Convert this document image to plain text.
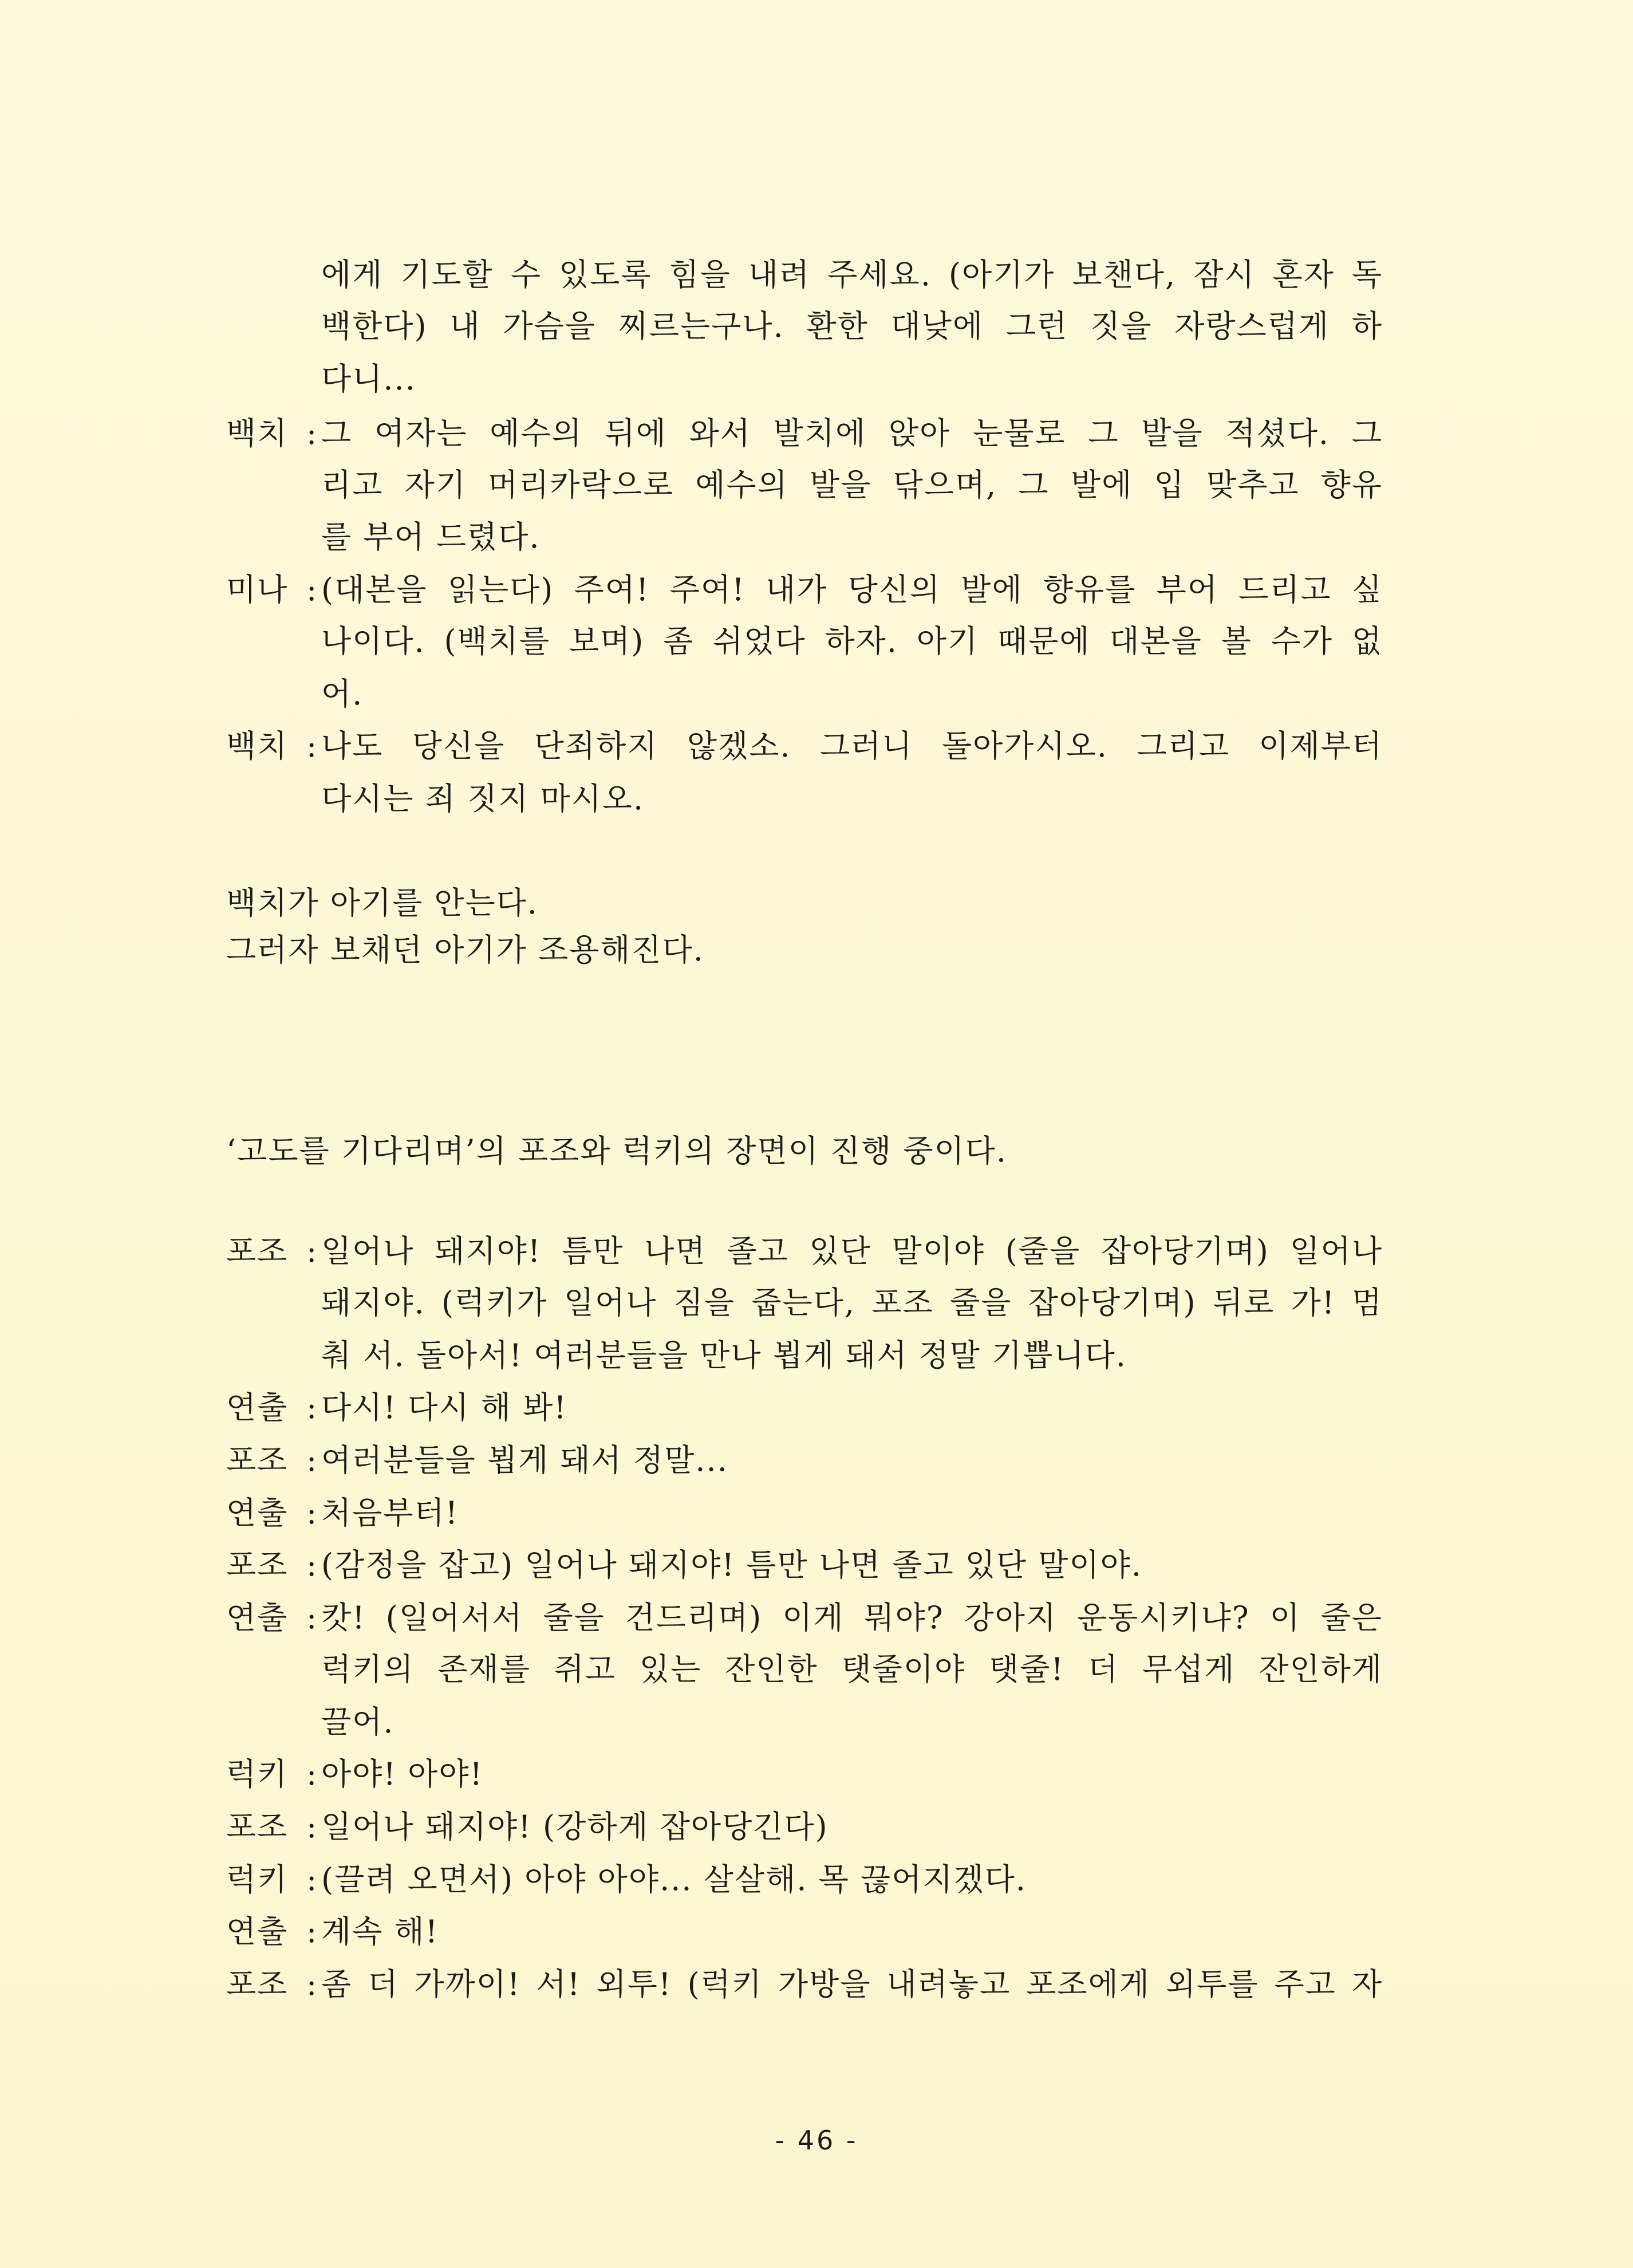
에게 기도할 수 있도록 힘을 내려 주세요. (아기가 보챈다, 잠시 혼자 독
백한다) 내 가슴을 찌르는구나. 환한 대낮에 그런 짓을 자랑스럽게 하
다니...
백치 : 그 여자는 예수의 뒤에 와서 발치에 앉아 눈물로 그 발을 적셨다. 그
리고 자기 머리카락으로 예수의 발을 닦으며, 그 발에 입 맞추고 향유
를 부어 드렸다.
미나 : (대본을 읽는다) 주여! 주여! 내가 당신의 발에 향유를 부어 드리고 싶
나이다. (백치를 보며) 좀 쉬었다 하자. 아기 때문에 대본을 볼 수가 없
어.
백치 : 나도 당신을 단죄하지 않겠소. 그러니 돌아가시오. 그리고 이제부터
다시는 죄 짓지 마시오.
백치가 아기를 안는다.
그러자 보채던 아기가 조용해진다.
‘고도를 기다리며’의 포조와 럭키의 장면이 진행 중이다.
포조 : 일어나 돼지야! 틈만 나면 졸고 있단 말이야 (줄을 잡아당기며) 일어나
돼지야. (럭키가 일어나 짐을 줍는다, 포조 줄을 잡아당기며) 뒤로 가! 멈
춰 서. 돌아서! 여러분들을 만나 뵙게 돼서 정말 기쁩니다.
연출 : 다시! 다시 해 봐!
포조 : 여러분들을 뵙게 돼서 정말...
연출 : 처음부터!
포조 : (감정을 잡고) 일어나 돼지야! 틈만 나면 졸고 있단 말이야.
연출 : 캇! (일어서서 줄을 건드리며) 이게 뭐야? 강아지 운동시키냐? 이 줄은
럭키의 존재를 쥐고 있는 잔인한 탯줄이야 탯줄! 더 무섭게 잔인하게
끌어.
럭키 : 아야! 아야!
포조 : 일어나 돼지야! (강하게 잡아당긴다)
럭키 : (끌려 오면서) 아야 아야... 살살해. 목 끊어지겠다.
연출 : 계속 해!
포조 : 좀 더 가까이! 서! 외투! (럭키 가방을 내려놓고 포조에게 외투를 주고 자
- 46 -
